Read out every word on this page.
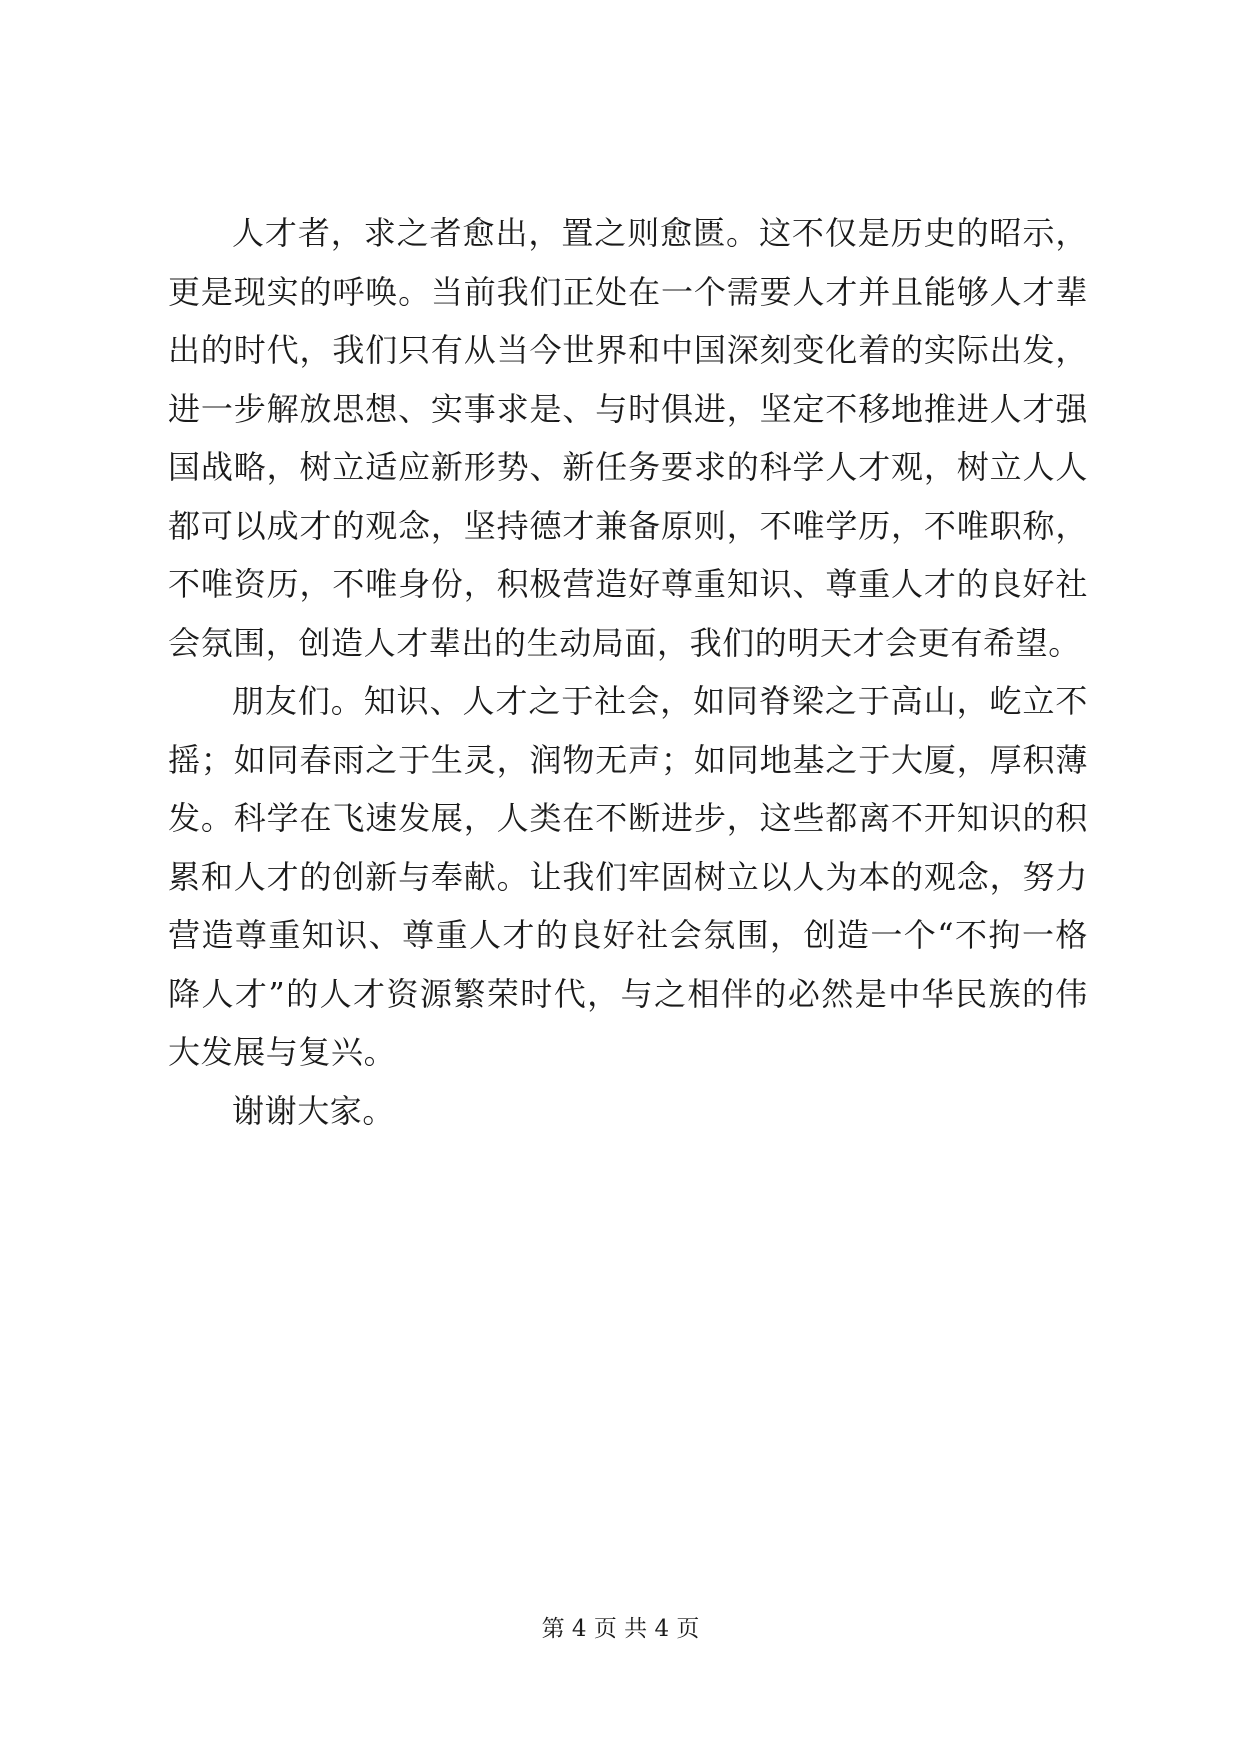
人才者，求之者愈出，置之则愈匮。这不仅是历史的昭示，更是现实的呼唤。当前我们正处在一个需要人才并且能够人才辈出的时代，我们只有从当今世界和中国深刻变化着的实际出发，进一步解放思想、实事求是、与时俱进，坚定不移地推进人才强国战略，树立适应新形势、新任务要求的科学人才观，树立人人都可以成才的观念，坚持德才兼备原则，不唯学历，不唯职称，不唯资历，不唯身份，积极营造好尊重知识、尊重人才的良好社会氛围，创造人才辈出的生动局面，我们的明天才会更有希望。

朋友们。知识、人才之于社会，如同脊梁之于高山，屹立不摇；如同春雨之于生灵，润物无声；如同地基之于大厦，厚积薄发。科学在飞速发展，人类在不断进步，这些都离不开知识的积累和人才的创新与奉献。让我们牢固树立以人为本的观念，努力营造尊重知识、尊重人才的良好社会氛围，创造一个“不拘一格降人才”的人才资源繁荣时代，与之相伴的必然是中华民族的伟大发展与复兴。

谢谢大家。

第 4 页 共 4 页
